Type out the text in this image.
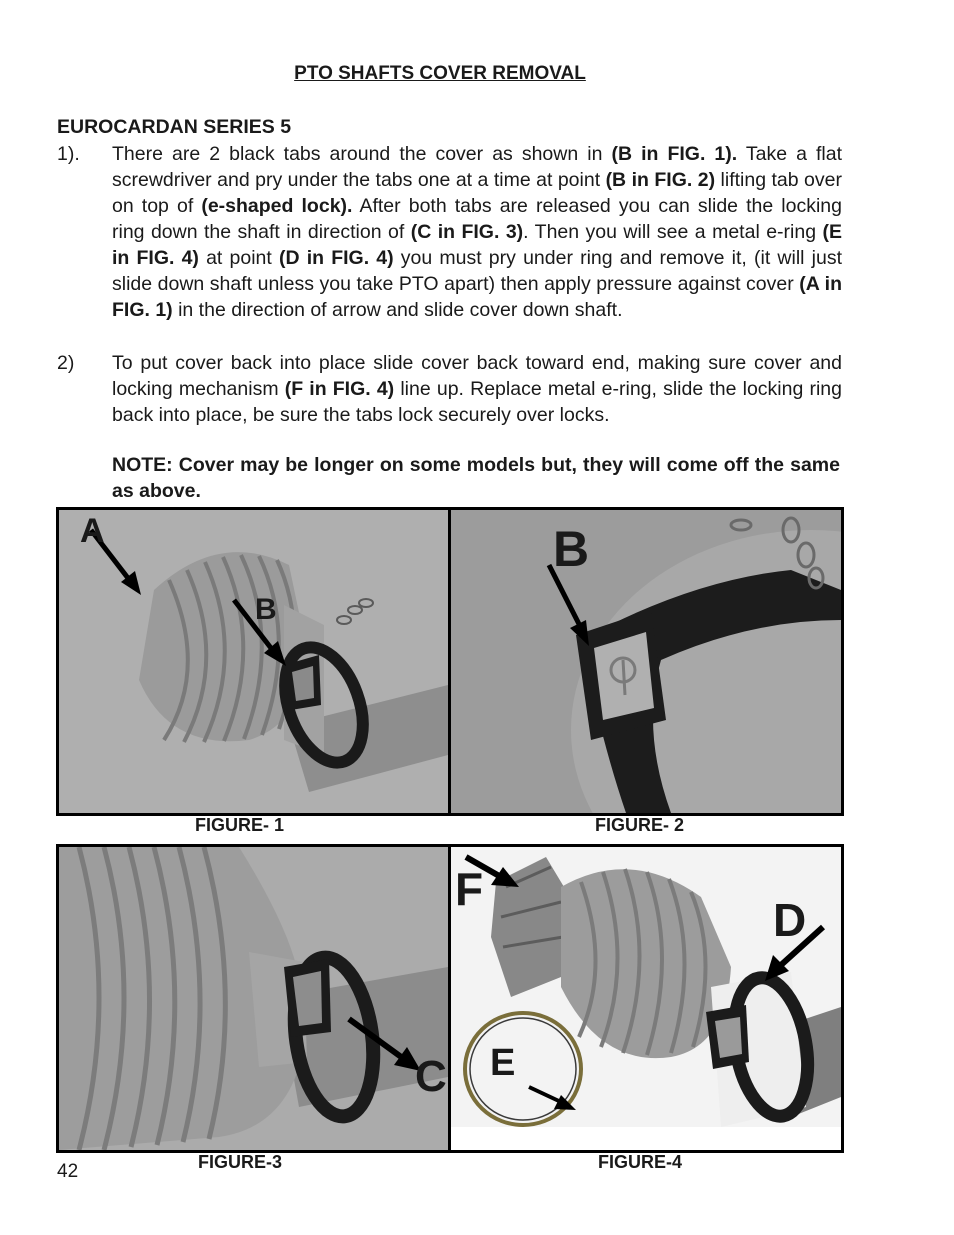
PTO SHAFTS COVER REMOVAL
EUROCARDAN SERIES 5
1). There are 2 black tabs around the cover as shown in (B in FIG. 1). Take a flat screwdriver and pry under the tabs one at a time at point (B in FIG. 2) lifting tab over on top of (e-shaped lock). After both tabs are released you can slide the locking ring down the shaft in direction of (C in FIG. 3). Then you will see a metal e-ring (E in FIG. 4) at point (D in FIG. 4) you must pry under ring and remove it, (it will just slide down shaft unless you take PTO apart) then apply pressure against cover (A in FIG. 1) in the direction of arrow and slide cover down shaft.
2) To put cover back into place slide cover back toward end, making sure cover and locking mechanism (F in FIG. 4) line up. Replace metal e-ring, slide the locking ring back into place, be sure the tabs lock securely over locks.
NOTE: Cover may be longer on some models but, they will come off the same as above.
A
B
B
FIGURE- 1	FIGURE- 2
C
F
D
E
FIGURE-3	FIGURE-4
42
